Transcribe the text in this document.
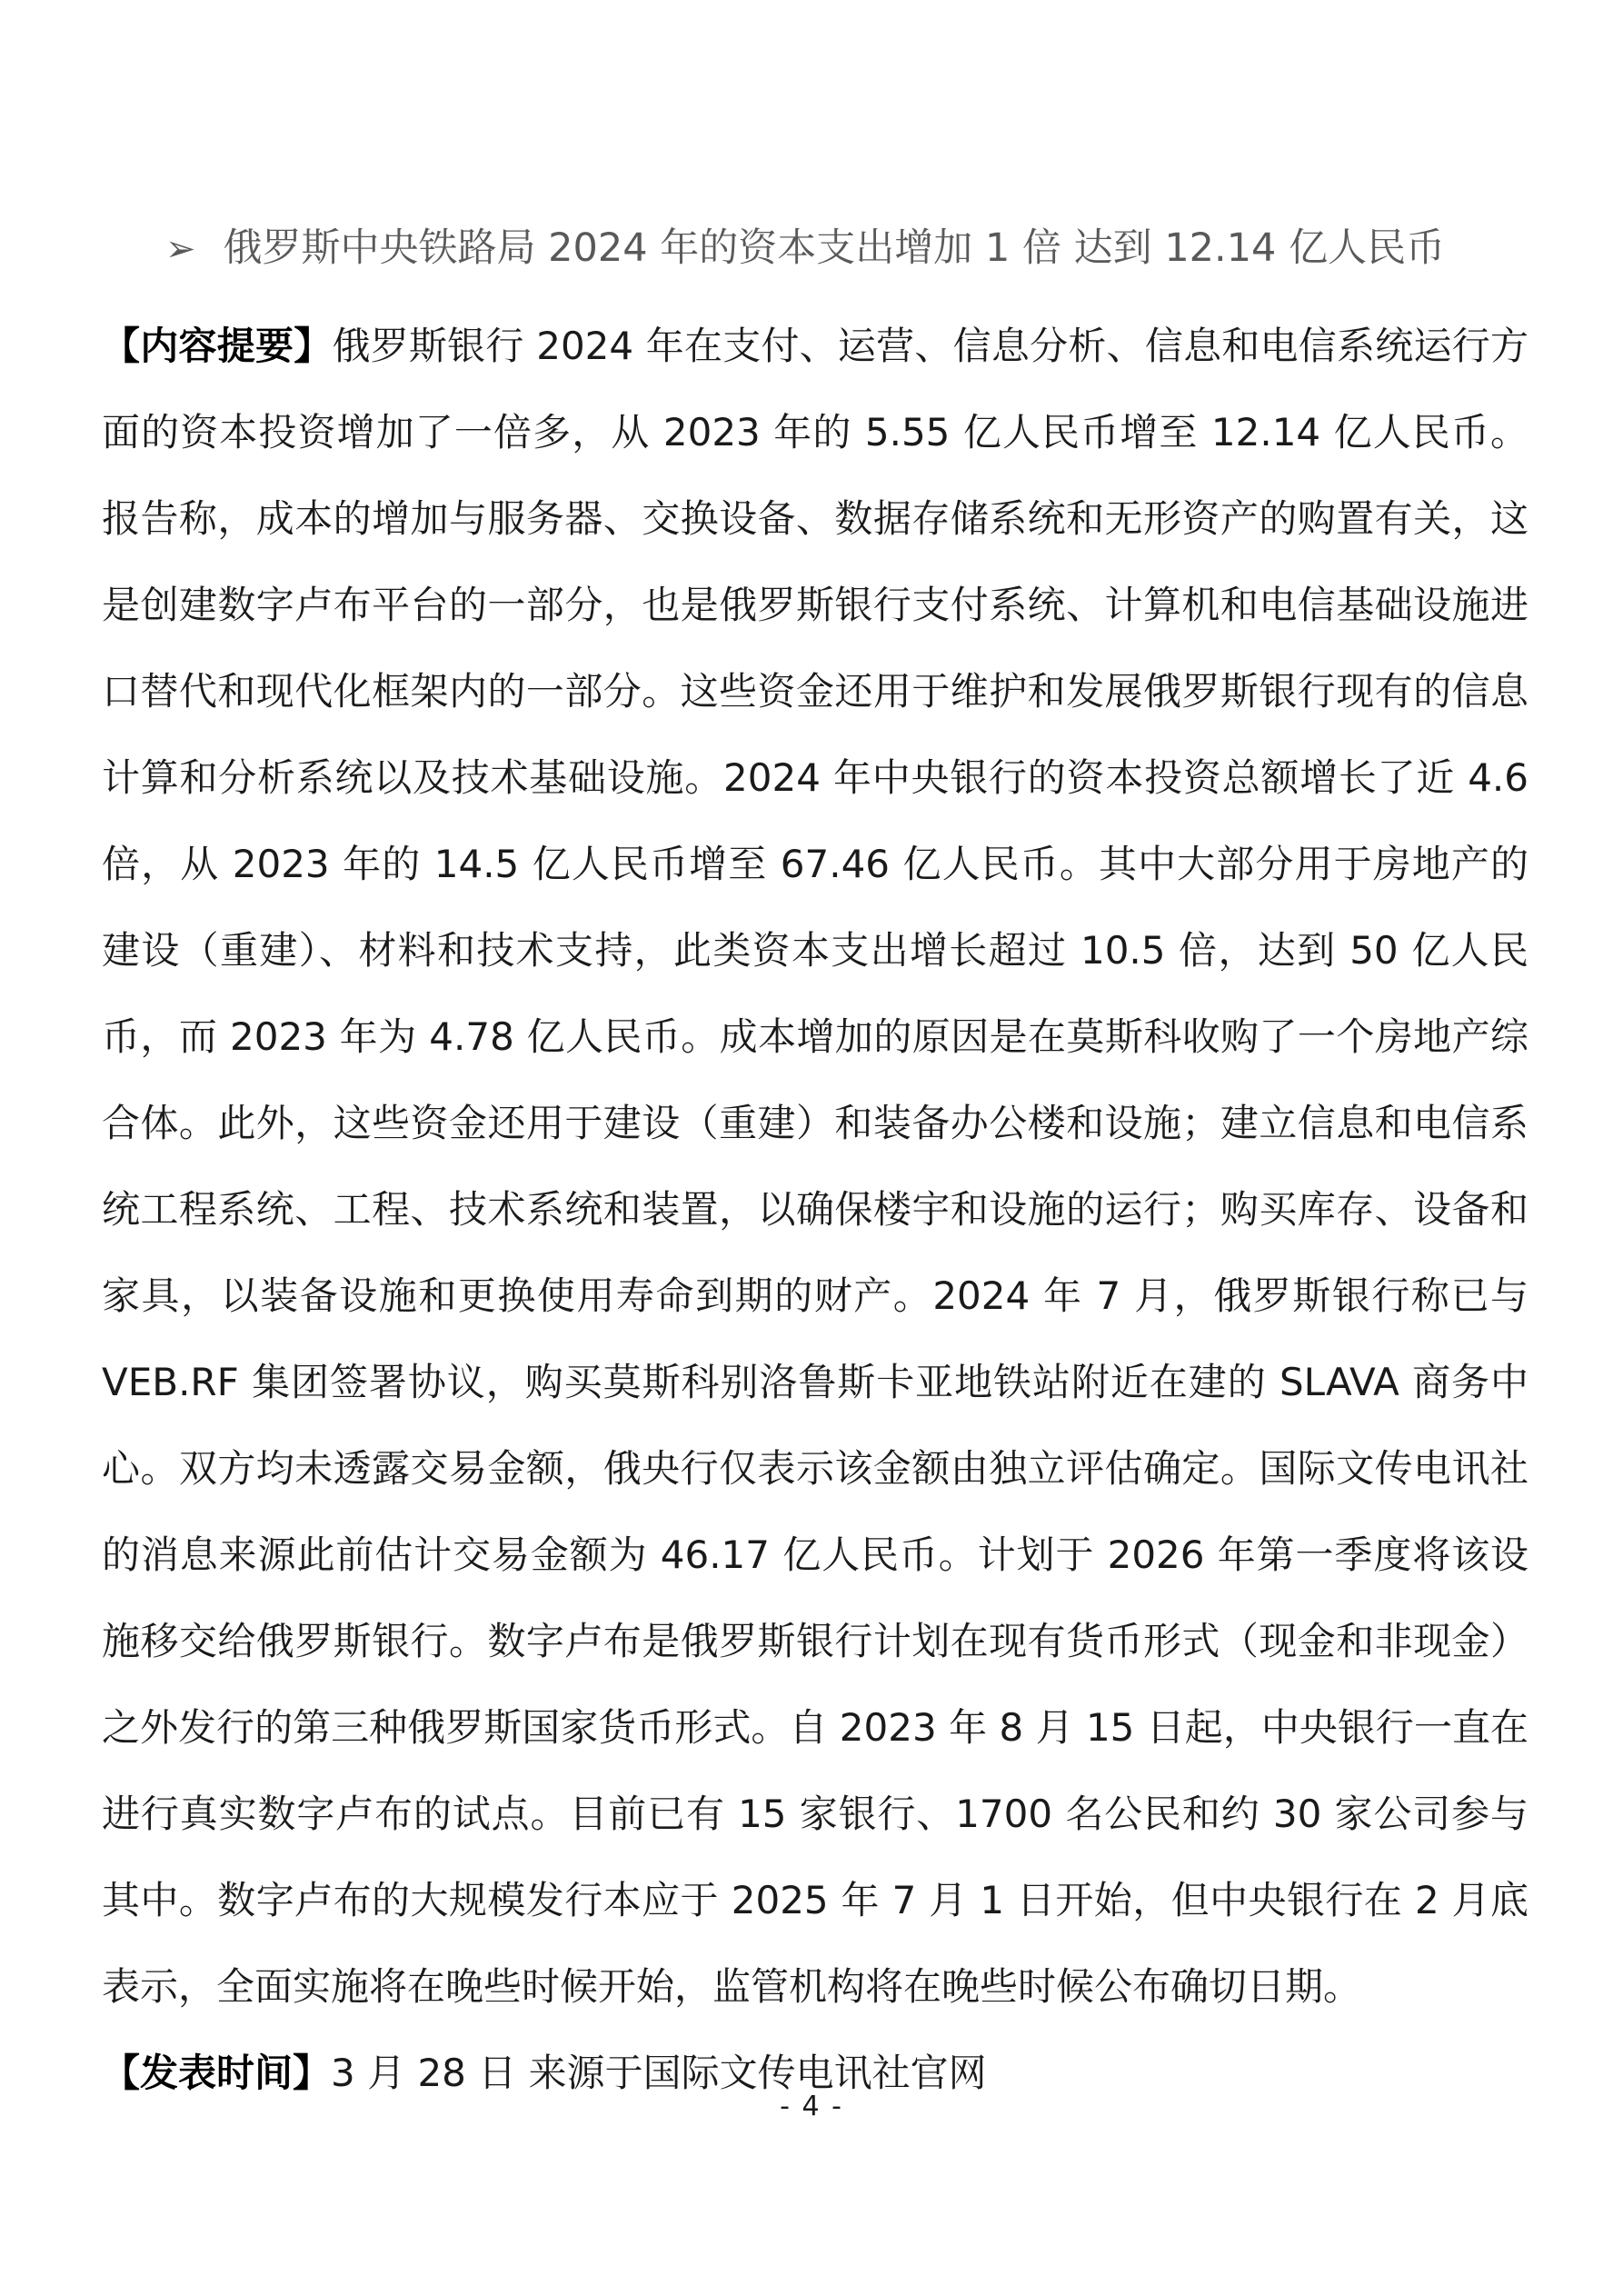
➢ 俄罗斯中央铁路局 2024 年的资本支出增加 1 倍 达到 12.14 亿人民币

【内容提要】俄罗斯银行 2024 年在支付、运营、信息分析、信息和电信系统运行方面的资本投资增加了一倍多，从 2023 年的 5.55 亿人民币增至 12.14 亿人民币。报告称，成本的增加与服务器、交换设备、数据存储系统和无形资产的购置有关，这是创建数字卢布平台的一部分，也是俄罗斯银行支付系统、计算机和电信基础设施进口替代和现代化框架内的一部分。这些资金还用于维护和发展俄罗斯银行现有的信息计算和分析系统以及技术基础设施。2024 年中央银行的资本投资总额增长了近 4.6 倍，从 2023 年的 14.5 亿人民币增至 67.46 亿人民币。其中大部分用于房地产的建设（重建）、材料和技术支持，此类资本支出增长超过 10.5 倍，达到 50 亿人民币，而 2023 年为 4.78 亿人民币。成本增加的原因是在莫斯科收购了一个房地产综合体。此外，这些资金还用于建设（重建）和装备办公楼和设施；建立信息和电信系统工程系统、工程、技术系统和装置，以确保楼宇和设施的运行；购买库存、设备和家具，以装备设施和更换使用寿命到期的财产。2024 年 7 月，俄罗斯银行称已与 VEB.RF 集团签署协议，购买莫斯科别洛鲁斯卡亚地铁站附近在建的 SLAVA 商务中心。双方均未透露交易金额，俄央行仅表示该金额由独立评估确定。国际文传电讯社的消息来源此前估计交易金额为 46.17 亿人民币。计划于 2026 年第一季度将该设施移交给俄罗斯银行。数字卢布是俄罗斯银行计划在现有货币形式（现金和非现金）之外发行的第三种俄罗斯国家货币形式。自 2023 年 8 月 15 日起，中央银行一直在进行真实数字卢布的试点。目前已有 15 家银行、1700 名公民和约 30 家公司参与其中。数字卢布的大规模发行本应于 2025 年 7 月 1 日开始，但中央银行在 2 月底表示，全面实施将在晚些时候开始，监管机构将在晚些时候公布确切日期。

【发表时间】3 月 28 日 来源于国际文传电讯社官网

- 4 -
